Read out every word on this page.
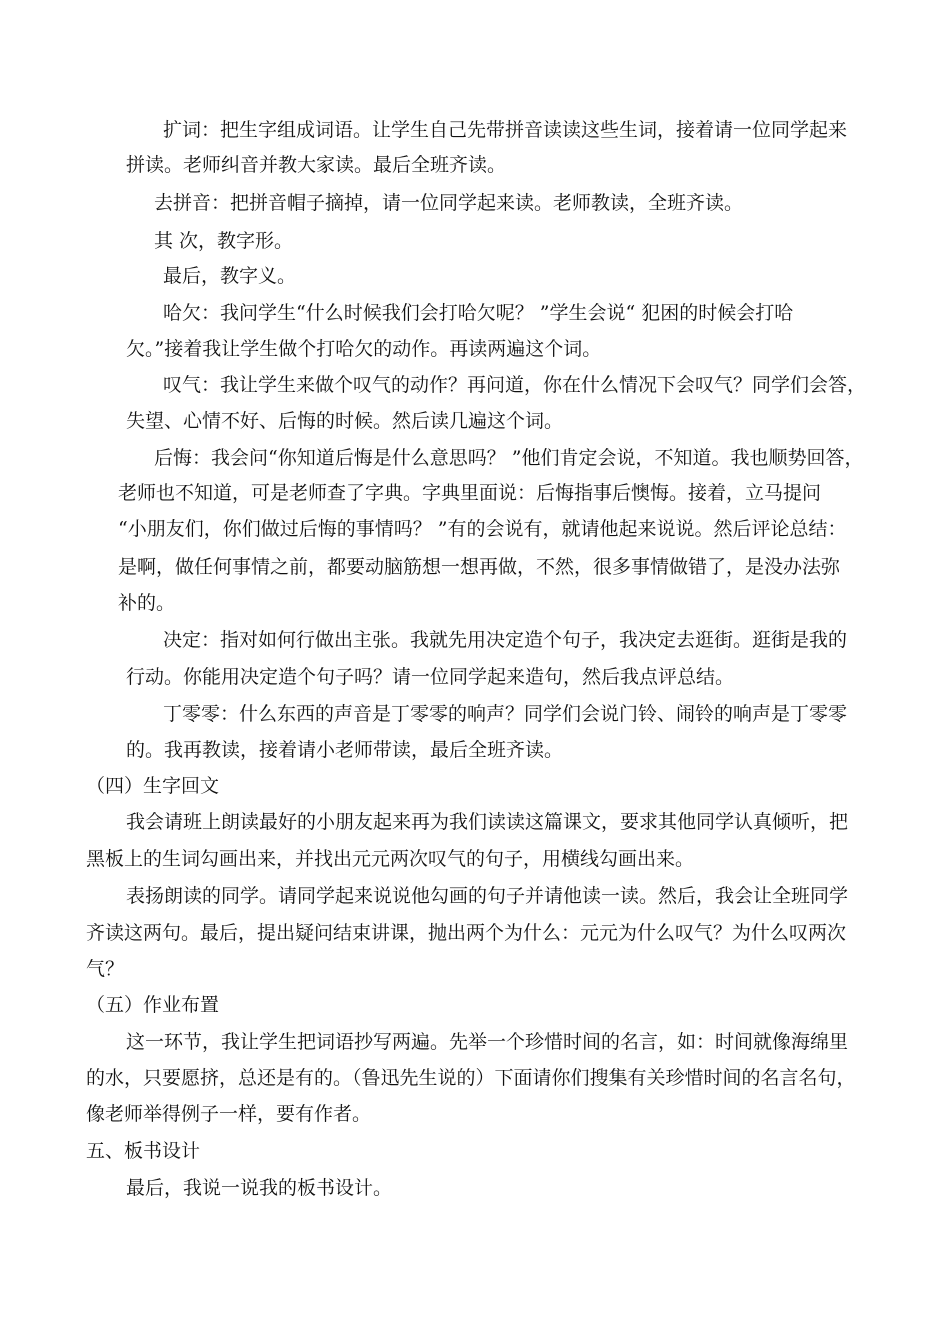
扩词：把生字组成词语。让学生自己先带拼音读读这些生词，接着请一位同学起来
拼读。老师纠音并教大家读。最后全班齐读。
去拼音：把拼音帽子摘掉，请一位同学起来读。老师教读，全班齐读。
其 次，教字形。
最后，教字义。
哈欠：我问学生“什么时候我们会打哈欠呢？ ”学生会说“ 犯困的时候会打哈
欠。”接着我让学生做个打哈欠的动作。再读两遍这个词。
叹气：我让学生来做个叹气的动作？再问道，你在什么情况下会叹气？同学们会答，
失望、心情不好、后悔的时候。然后读几遍这个词。
后悔：我会问“你知道后悔是什么意思吗？ ”他们肯定会说，不知道。我也顺势回答，
老师也不知道，可是老师查了字典。字典里面说：后悔指事后懊悔。接着，立马提问
“小朋友们，你们做过后悔的事情吗？ ”有的会说有，就请他起来说说。然后评论总结：
是啊，做任何事情之前，都要动脑筋想一想再做，不然，很多事情做错了，是没办法弥
补的。
决定：指对如何行做出主张。我就先用决定造个句子，我决定去逛街。逛街是我的
行动。你能用决定造个句子吗？请一位同学起来造句，然后我点评总结。
丁零零：什么东西的声音是丁零零的响声？同学们会说门铃、闹铃的响声是丁零零
的。我再教读，接着请小老师带读，最后全班齐读。
（四）生字回文
我会请班上朗读最好的小朋友起来再为我们读读这篇课文，要求其他同学认真倾听，把
黑板上的生词勾画出来，并找出元元两次叹气的句子，用横线勾画出来。
表扬朗读的同学。请同学起来说说他勾画的句子并请他读一读。然后，我会让全班同学
齐读这两句。最后，提出疑问结束讲课，抛出两个为什么：元元为什么叹气？为什么叹两次
气？
（五）作业布置
这一环节，我让学生把词语抄写两遍。先举一个珍惜时间的名言，如：时间就像海绵里
的水，只要愿挤，总还是有的。（鲁迅先生说的）下面请你们搜集有关珍惜时间的名言名句，
像老师举得例子一样，要有作者。
五、板书设计
最后，我说一说我的板书设计。
